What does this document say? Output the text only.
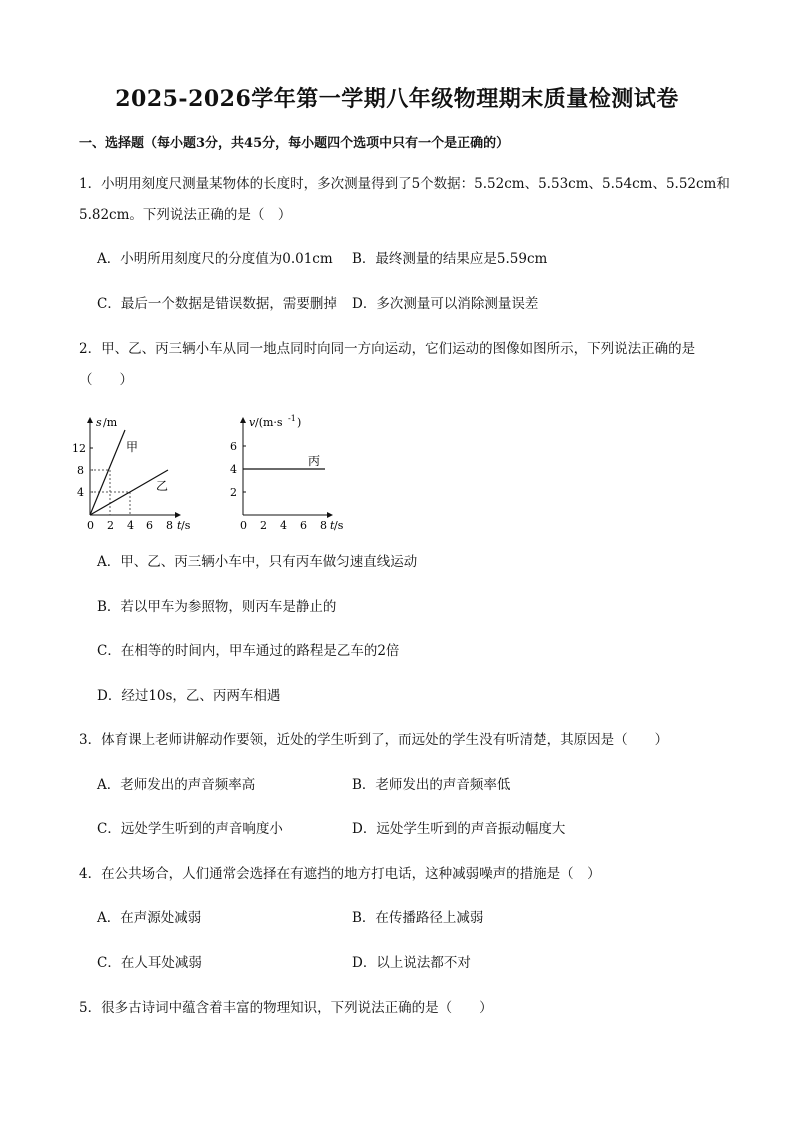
2025-2026学年第一学期八年级物理期末质量检测试卷
一、选择题（每小题3分，共45分，每小题四个选项中只有一个是正确的）
1．小明用刻度尺测量某物体的长度时，多次测量得到了5个数据：5.52cm、5.53cm、5.54cm、5.52cm和
5.82cm。下列说法正确的是（　）
A．小明所用刻度尺的分度值为0.01cm B．最终测量的结果应是5.59cm
C．最后一个数据是错误数据，需要删掉 D．多次测量可以消除测量误差
2．甲、乙、丙三辆小车从同一地点同时向同一方向运动，它们运动的图像如图所示，下列说法正确的是
（　　）
s /m
12
8
4
0 2 4 6 8 t /s
甲
乙
v /(m·s -1 )
6
4
2
0 2 4 6 8 t /s
丙
A．甲、乙、丙三辆小车中，只有丙车做匀速直线运动
B．若以甲车为参照物，则丙车是静止的
C．在相等的时间内，甲车通过的路程是乙车的2倍
D．经过10s，乙、丙两车相遇
3．体育课上老师讲解动作要领，近处的学生听到了，而远处的学生没有听清楚，其原因是（　　）
A．老师发出的声音频率高	B．老师发出的声音频率低
C．远处学生听到的声音响度小	D．远处学生听到的声音振动幅度大
4．在公共场合，人们通常会选择在有遮挡的地方打电话，这种减弱噪声的措施是（　）
A．在声源处减弱	B．在传播路径上减弱
C．在人耳处减弱	D．以上说法都不对
5．很多古诗词中蕴含着丰富的物理知识，下列说法正确的是（　　）
